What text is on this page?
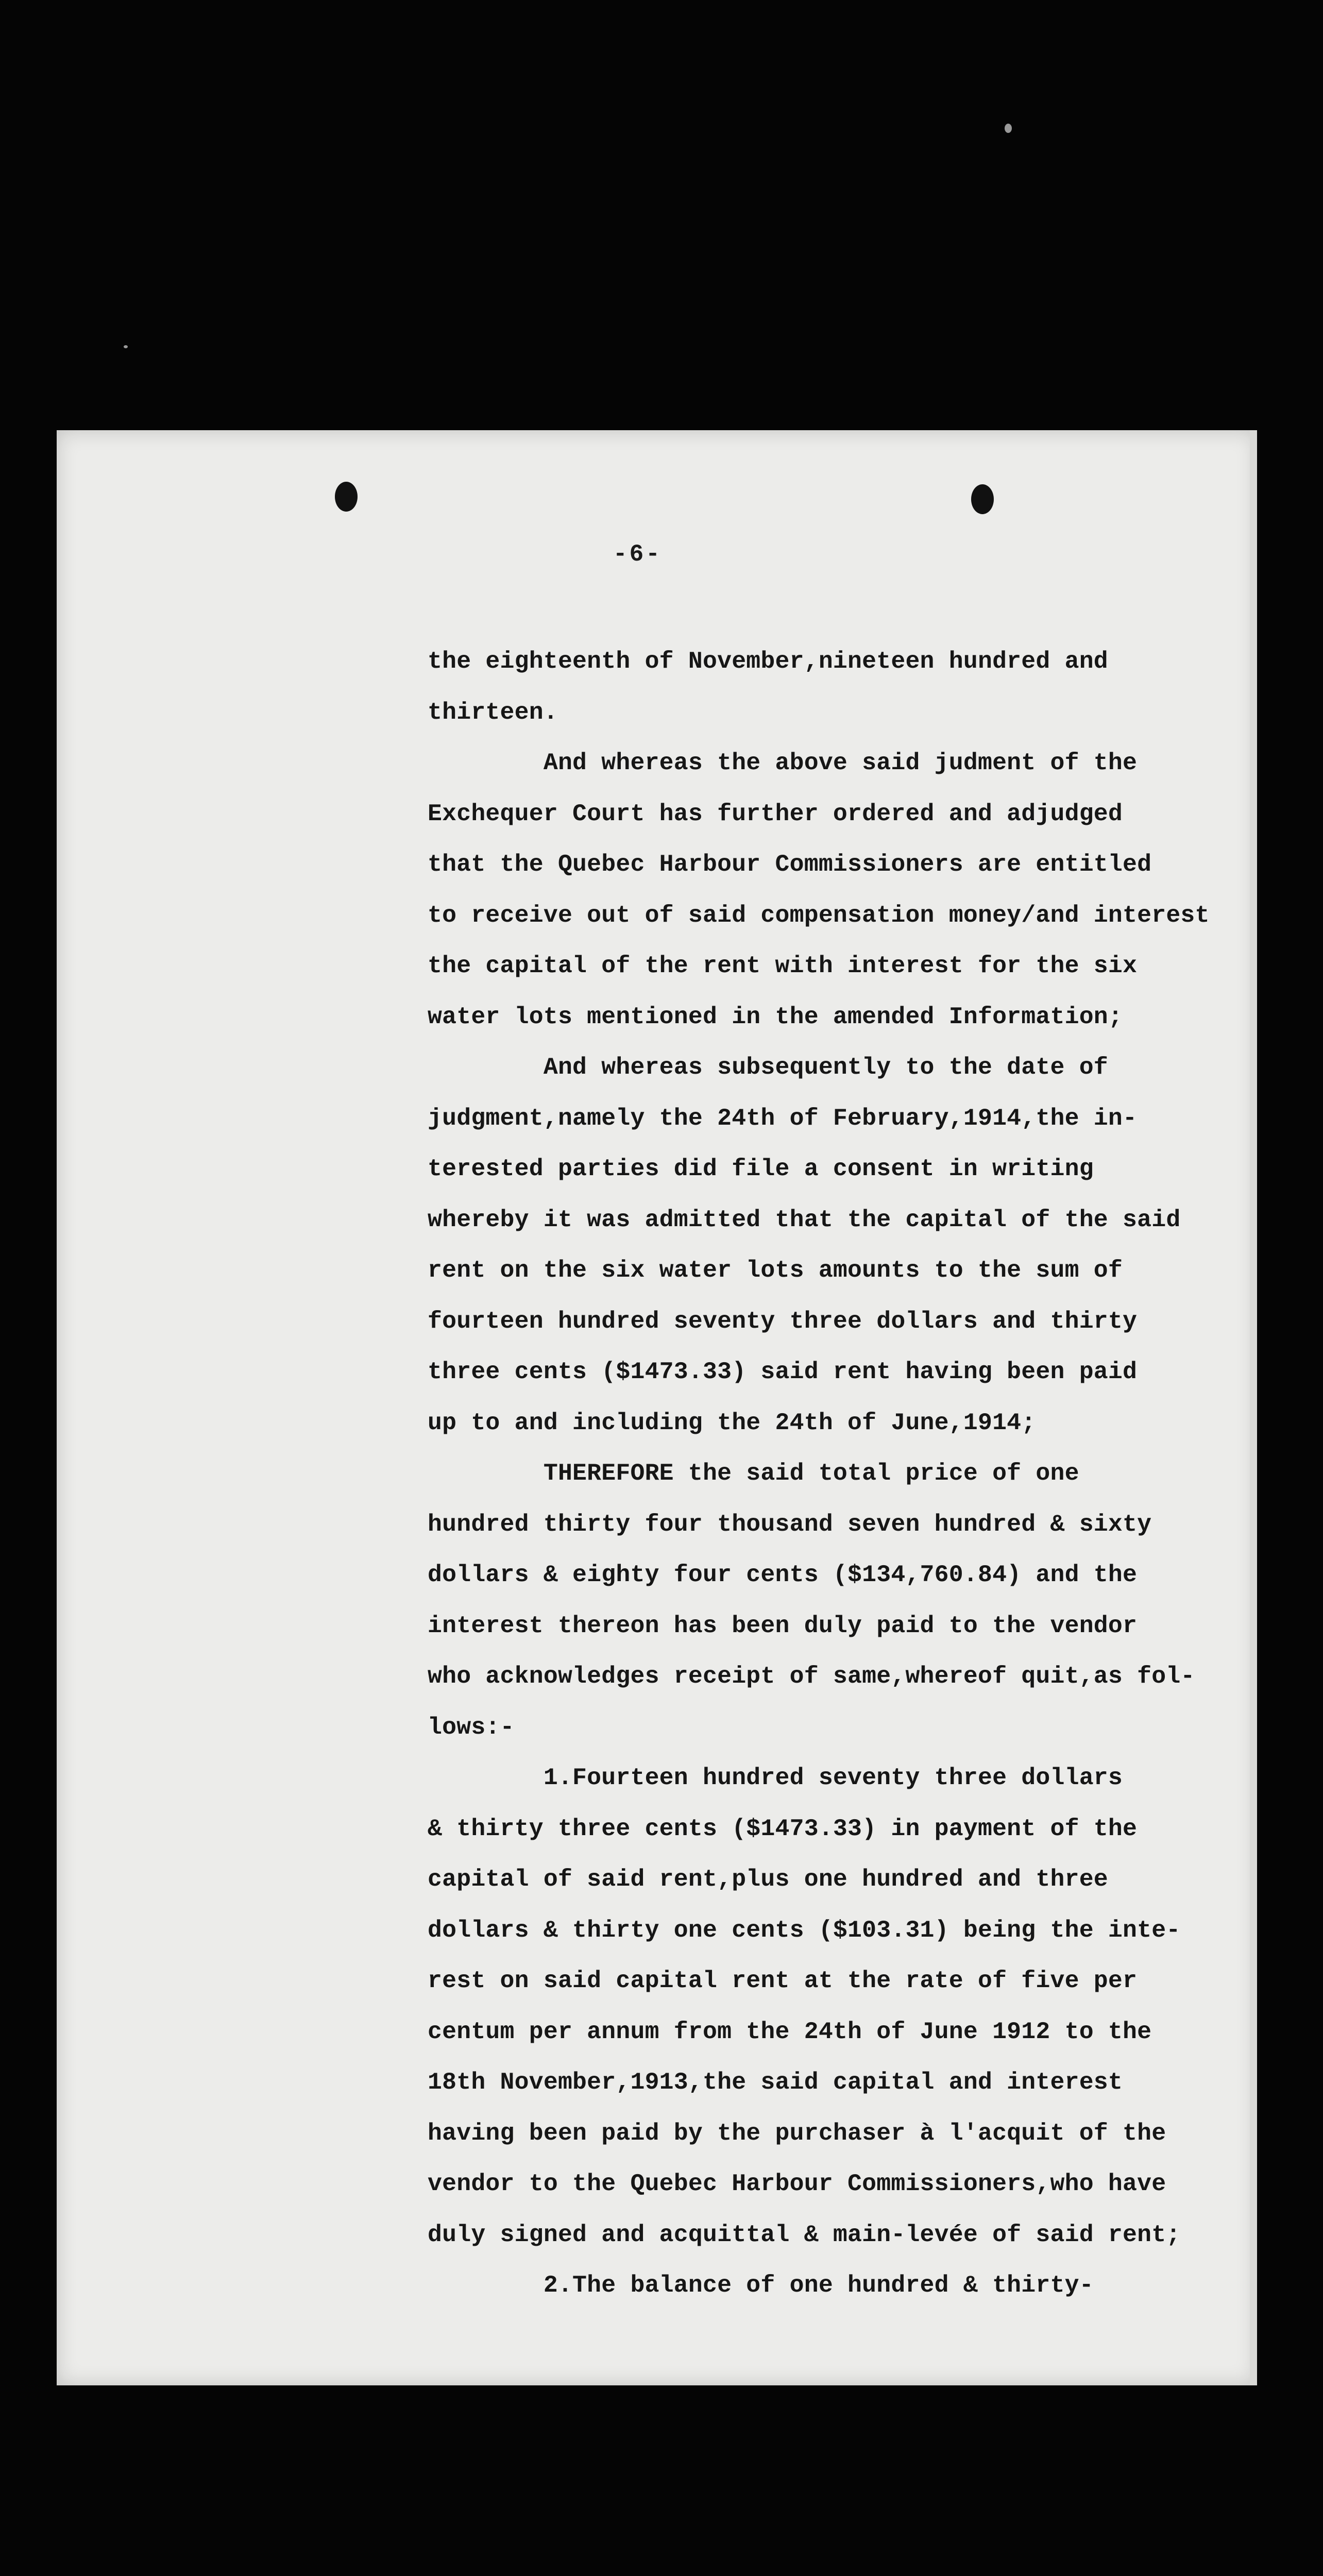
-6-
the eighteenth of November,nineteen hundred and
thirteen.
And whereas the above said judment of the
Exchequer Court has further ordered and adjudged
that the Quebec Harbour Commissioners are entitled
to receive out of said compensation money/and interest
the capital of the rent with interest for the six
water lots mentioned in the amended Information;
And whereas subsequently to the date of
judgment,namely the 24th of February,1914,the in-
terested parties did file a consent in writing
whereby it was admitted that the capital of the said
rent on the six water lots amounts to the sum of
fourteen hundred seventy three dollars and thirty
three cents ($1473.33) said rent having been paid
up to and including the 24th of June,1914;
THEREFORE the said total price of one
hundred thirty four thousand seven hundred & sixty
dollars & eighty four cents ($134,760.84) and the
interest thereon has been duly paid to the vendor
who acknowledges receipt of same,whereof quit,as fol-
lows:-
1.Fourteen hundred seventy three dollars
& thirty three cents ($1473.33) in payment of the
capital of said rent,plus one hundred and three
dollars & thirty one cents ($103.31) being the inte-
rest on said capital rent at the rate of five per
centum per annum from the 24th of June 1912 to the
18th November,1913,the said capital and interest
having been paid by the purchaser à l'acquit of the
vendor to the Quebec Harbour Commissioners,who have
duly signed and acquittal & main-levée of said rent;
2.The balance of one hundred & thirty-
